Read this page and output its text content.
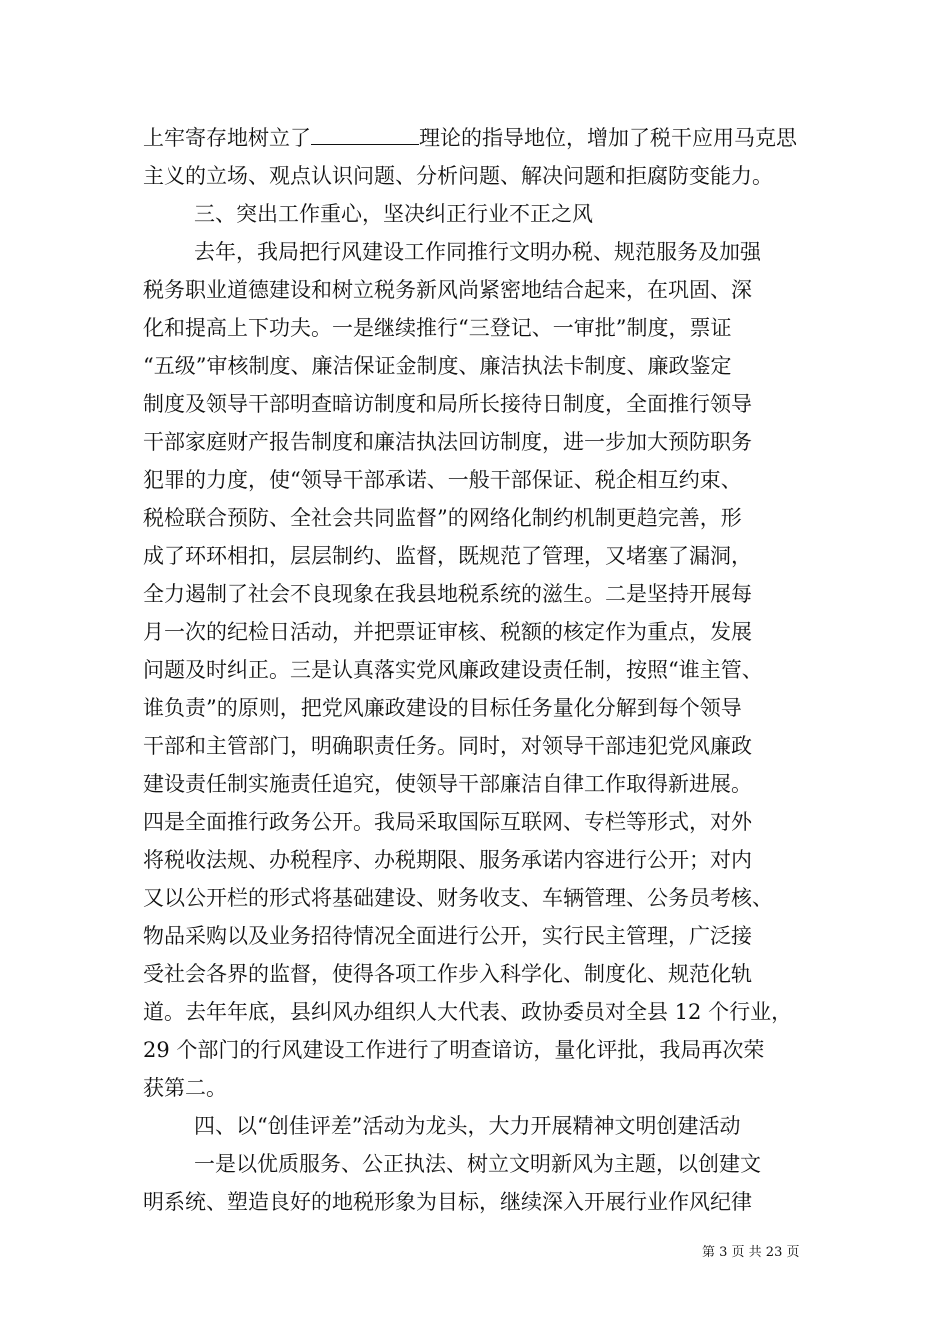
上牢寄存地树立了	理论的指导地位，增加了税干应用马克思
主义的立场、观点认识问题、分析问题、解决问题和拒腐防变能力。
三、突出工作重心，坚决纠正行业不正之风
去年，我局把行风建设工作同推行文明办税、规范服务及加强
税务职业道德建设和树立税务新风尚紧密地结合起来，在巩固、深
化和提高上下功夫。一是继续推行“三登记、一审批”制度，票证
“五级”审核制度、廉洁保证金制度、廉洁执法卡制度、廉政鉴定
制度及领导干部明查暗访制度和局所长接待日制度，全面推行领导
干部家庭财产报告制度和廉洁执法回访制度，进一步加大预防职务
犯罪的力度，使“领导干部承诺、一般干部保证、税企相互约束、
税检联合预防、全社会共同监督”的网络化制约机制更趋完善，形
成了环环相扣，层层制约、监督，既规范了管理，又堵塞了漏洞，
全力遏制了社会不良现象在我县地税系统的滋生。二是坚持开展每
月一次的纪检日活动，并把票证审核、税额的核定作为重点，发展
问题及时纠正。三是认真落实党风廉政建设责任制，按照“谁主管、
谁负责”的原则，把党风廉政建设的目标任务量化分解到每个领导
干部和主管部门，明确职责任务。同时，对领导干部违犯党风廉政
建设责任制实施责任追究，使领导干部廉洁自律工作取得新进展。
四是全面推行政务公开。我局采取国际互联网、专栏等形式，对外
将税收法规、办税程序、办税期限、服务承诺内容进行公开；对内
又以公开栏的形式将基础建设、财务收支、车辆管理、公务员考核、
物品采购以及业务招待情况全面进行公开，实行民主管理，广泛接
受社会各界的监督，使得各项工作步入科学化、制度化、规范化轨
道。去年年底，县纠风办组织人大代表、政协委员对全县 12 个行业，
29 个部门的行风建设工作进行了明查谙访，量化评批，我局再次荣
获第二。
四、以“创佳评差”活动为龙头，大力开展精神文明创建活动
一是以优质服务、公正执法、树立文明新风为主题，以创建文
明系统、塑造良好的地税形象为目标，继续深入开展行业作风纪律
第 3 页 共 23 页
